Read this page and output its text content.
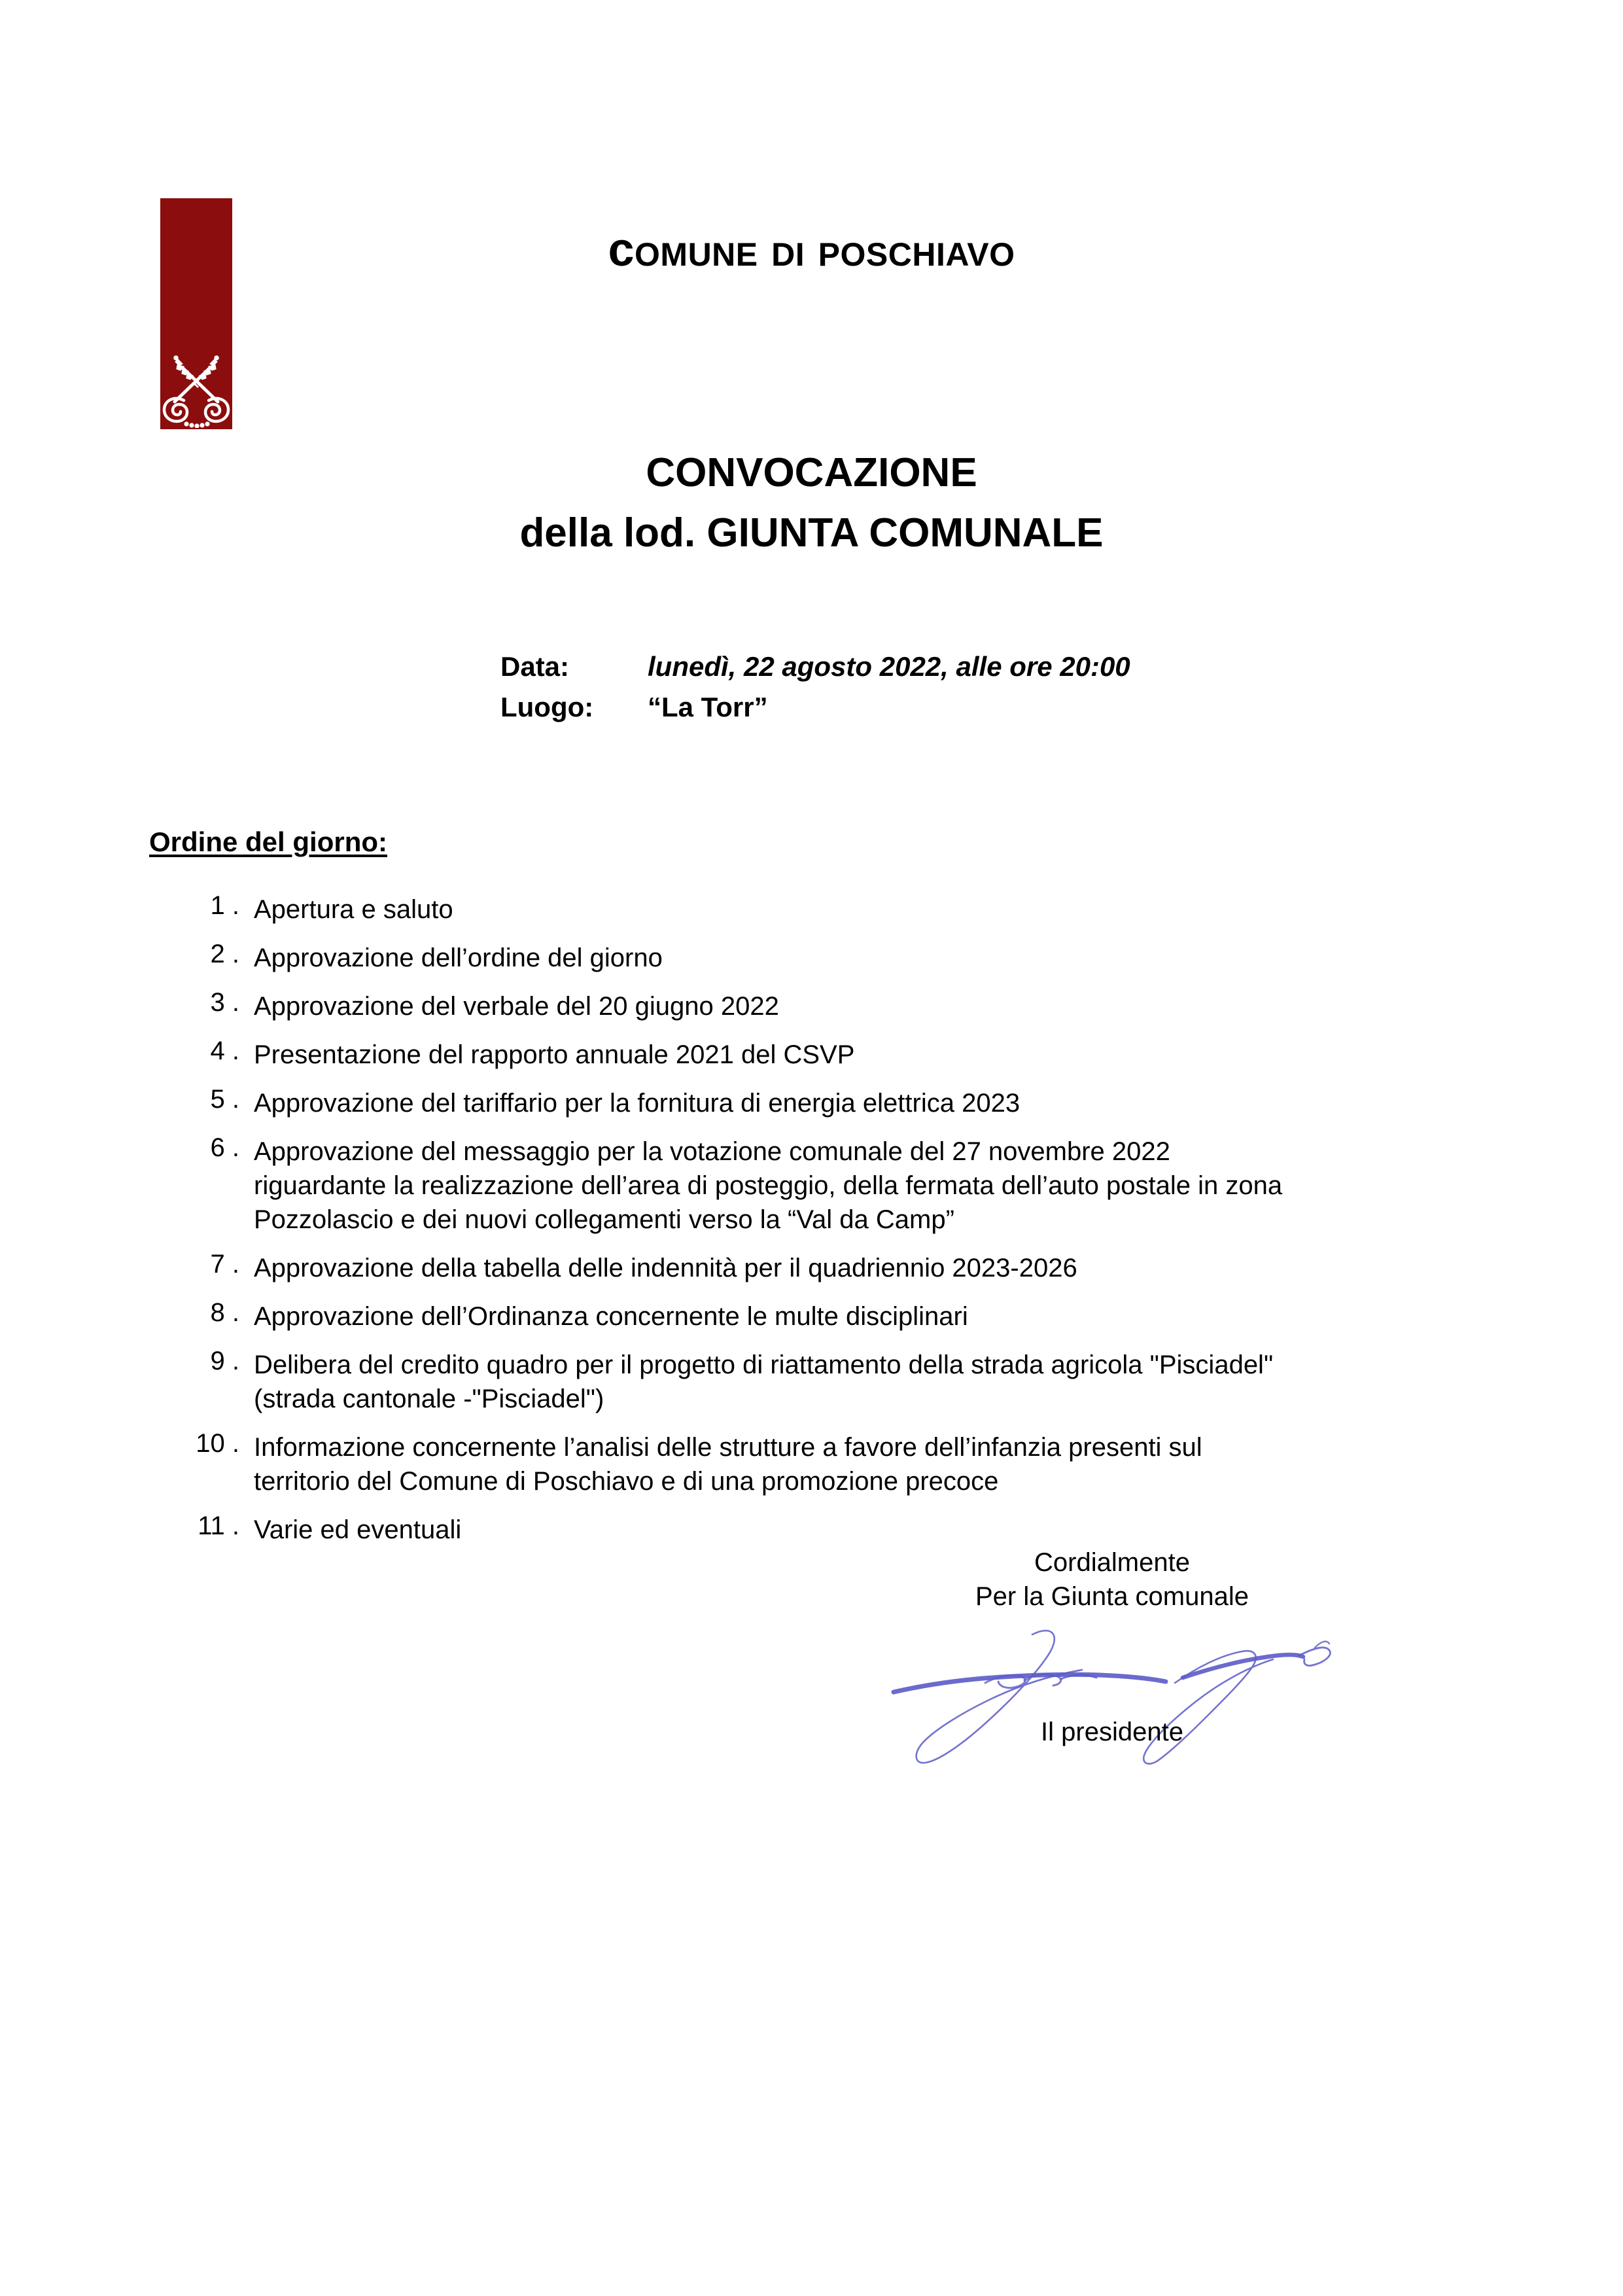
comune di poschiavo
CONVOCAZIONE
della lod. GIUNTA COMUNALE
Data:	lunedì, 22 agosto 2022, alle ore 20:00
Luogo:	“La Torr”
Ordine del giorno:
1 . Apertura e saluto
2 . Approvazione dell’ordine del giorno
3 . Approvazione del verbale del 20 giugno 2022
4 . Presentazione del rapporto annuale 2021 del CSVP
5 . Approvazione del tariffario per la fornitura di energia elettrica 2023
6 . Approvazione del messaggio per la votazione comunale del 27 novembre 2022 riguardante la realizzazione dell’area di posteggio, della fermata dell’auto postale in zona Pozzolascio e dei nuovi collegamenti verso la “Val da Camp”
7 . Approvazione della tabella delle indennità per il quadriennio 2023-2026
8 . Approvazione dell’Ordinanza concernente le multe disciplinari
9 . Delibera del credito quadro per il progetto di riattamento della strada agricola "Pisciadel" (strada cantonale -"Pisciadel")
10 . Informazione concernente l’analisi delle strutture a favore dell’infanzia presenti sul territorio del Comune di Poschiavo e di una promozione precoce
11 . Varie ed eventuali
Cordialmente
Per la Giunta comunale
Il presidente
